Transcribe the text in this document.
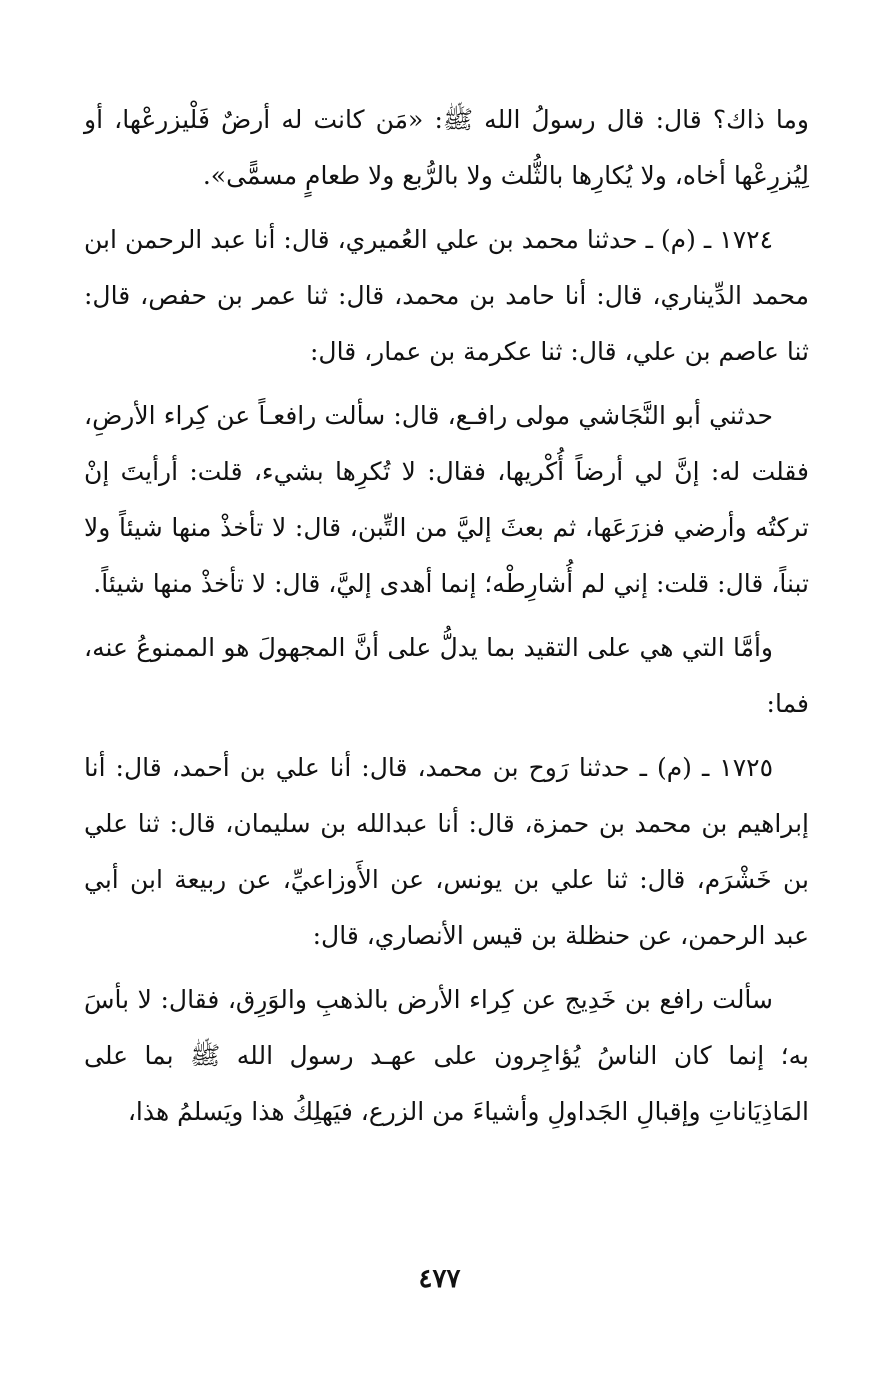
وما ذاك؟ قال: قال رسولُ الله ﷺ: «مَن كانت له أرضٌ فَلْيزرعْها، أو لِيُزرِعْها أخاه، ولا يُكارِها بالثُّلث ولا بالرُّبع ولا طعامٍ مسمًّى».

١٧٢٤ ـ (م) ـ حدثنا محمد بن علي العُميري، قال: أنا عبد الرحمن ابن محمد الدِّيناري، قال: أنا حامد بن محمد، قال: ثنا عمر بن حفص، قال: ثنا عاصم بن علي، قال: ثنا عكرمة بن عمار، قال:

حدثني أبو النَّجَاشي مولى رافـع، قال: سألت رافعـاً عن كِراء الأرضِ، فقلت له: إنَّ لي أرضاً أُكْريها، فقال: لا تُكرِها بشيء، قلت: أرأيتَ إنْ تركتُه وأرضي فزرَعَها، ثم بعثَ إليَّ من التِّبن، قال: لا تأخذْ منها شيئاً ولا تبناً، قال: قلت: إني لم أُشارِطْه؛ إنما أهدى إليَّ، قال: لا تأخذْ منها شيئاً.

وأمَّا التي هي على التقيد بما يدلُّ على أنَّ المجهولَ هو الممنوعُ عنه، فما:

١٧٢٥ ـ (م) ـ حدثنا رَوح بن محمد، قال: أنا علي بن أحمد، قال: أنا إبراهيم بن محمد بن حمزة، قال: أنا عبدالله بن سليمان، قال: ثنا علي بن خَشْرَم، قال: ثنا علي بن يونس، عن الأَوزاعيِّ، عن ربيعة ابن أبي عبد الرحمن، عن حنظلة بن قيس الأنصاري، قال:

سألت رافع بن خَدِيج عن كِراء الأرض بالذهبِ والوَرِق، فقال: لا بأسَ به؛ إنما كان الناسُ يُؤاجِرون على عهـد رسول الله ﷺ بما على المَاذِيَاناتِ وإقبالِ الجَداولِ وأشياءَ من الزرع، فيَهلِكُ هذا ويَسلمُ هذا،

٤٧٧
